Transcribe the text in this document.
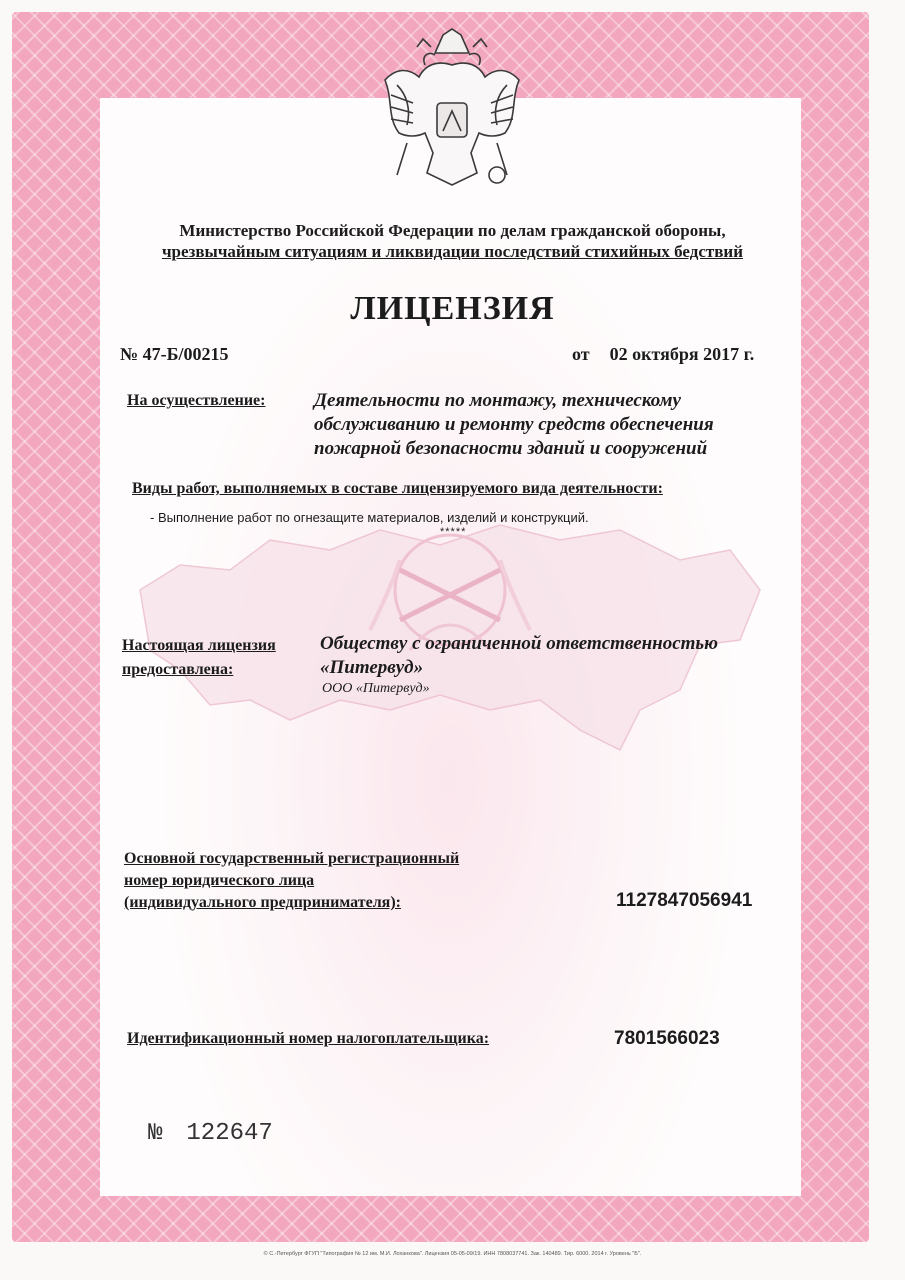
Министерство Российской Федерации по делам гражданской обороны,
чрезвычайным ситуациям и ликвидации последствий стихийных бедствий
ЛИЦЕНЗИЯ
№ 47-Б/00215	от 02 октября 2017 г.
На осуществление:	Деятельности по монтажу, техническому
обслуживанию и ремонту средств обеспечения
пожарной безопасности зданий и сооружений
Виды работ, выполняемых в составе лицензируемого вида деятельности:
- Выполнение работ по огнезащите материалов, изделий и конструкций.
*****
Настоящая лицензия
предоставлена:
Обществу с ограниченной ответственностью
«Питервуд»
ООО «Питервуд»
Основной государственный регистрационный
номер юридического лица
(индивидуального предпринимателя):	1127847056941
Идентификационный номер налогоплательщика:	7801566023
№ 122647
© С.-Петербург ФГУП "Типография № 12 им. М.И. Лоханкова". Лицензия 05-05-09/19. ИНН 7808037741. Зак. 140489. Тир. 6000. 2014 г. Уровень "Б".
